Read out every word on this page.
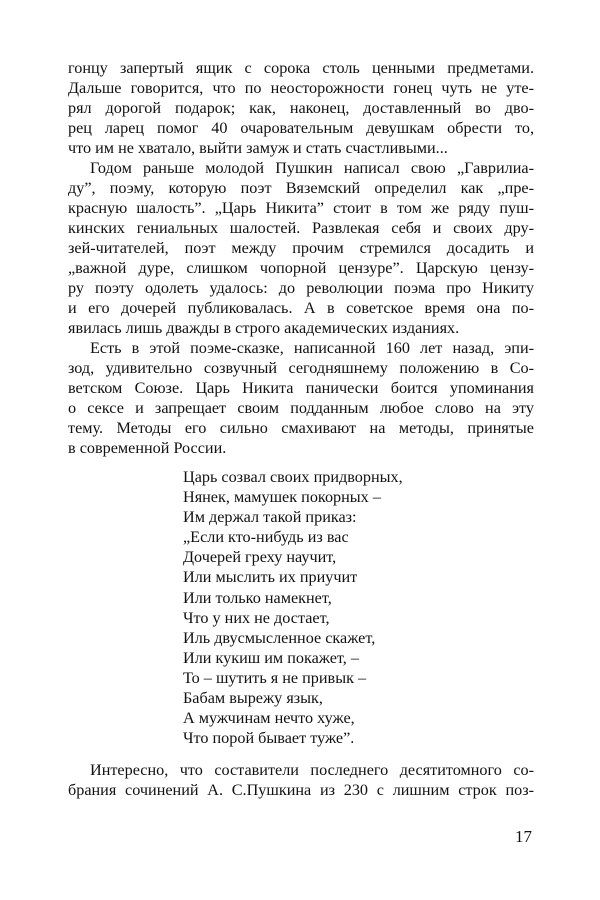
гонцу запертый ящик с сорока столь ценными предметами.
Дальше говорится, что по неосторожности гонец чуть не уте-
рял дорогой подарок; как, наконец, доставленный во дво-
рец ларец помог 40 очаровательным девушкам обрести то,
что им не хватало, выйти замуж и стать счастливыми...
Годом раньше молодой Пушкин написал свою „Гаврилиа-
ду”, поэму, которую поэт Вяземский определил как „пре-
красную шалость”. „Царь Никита” стоит в том же ряду пуш-
кинских гениальных шалостей. Развлекая себя и своих дру-
зей-читателей, поэт между прочим стремился досадить и
„важной дуре, слишком чопорной цензуре”. Царскую цензу-
ру поэту одолеть удалось: до революции поэма про Никиту
и его дочерей публиковалась. А в советское время она по-
явилась лишь дважды в строго академических изданиях.
Есть в этой поэме-сказке, написанной 160 лет назад, эпи-
зод, удивительно созвучный сегодняшнему положению в Со-
ветском Союзе. Царь Никита панически боится упоминания
о сексе и запрещает своим подданным любое слово на эту
тему. Методы его сильно смахивают на методы, принятые
в современной России.
Царь созвал своих придворных,
Нянек, мамушек покорных –
Им держал такой приказ:
„Если кто-нибудь из вас
Дочерей греху научит,
Или мыслить их приучит
Или только намекнет,
Что у них не достает,
Иль двусмысленное скажет,
Или кукиш им покажет, –
То – шутить я не привык –
Бабам вырежу язык,
А мужчинам нечто хуже,
Что порой бывает туже”.
Интересно, что составители последнего десятитомного со-
брания сочинений А. С.Пушкина из 230 с лишним строк поз-
17
